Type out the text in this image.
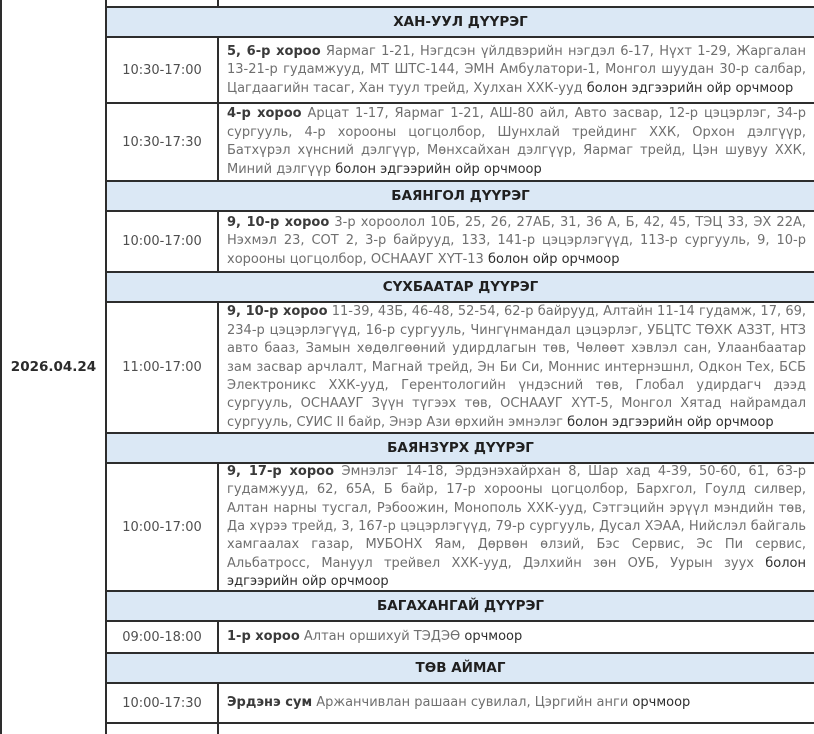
2026.04.24
ХАН-УУЛ ДҮҮРЭГ
10:30-17:00
5, 6-р хороо Яармаг 1-21, Нэгдсэн үйлдвэрийн нэгдэл 6-17, Нүхт 1-29, Жаргалан 13-21-р гудамжууд, МТ ШТС-144, ЭМН Амбулатори-1, Монгол шуудан 30-р салбар, Цагдаагийн тасаг, Хан туул трейд, Хулхан ХХК-ууд болон эдгээрийн ойр орчмоор
10:30-17:30
4-р хороо Арцат 1-17, Яармаг 1-21, АШ-80 айл, Авто засвар, 12-р цэцэрлэг, 34-р сургууль, 4-р хорооны цогцолбор, Шунхлай трейдинг ХХК, Орхон дэлгүүр, Батхүрэл хүнсний дэлгүүр, Мөнхсайхан дэлгүүр, Яармаг трейд, Цэн шувуу ХХК, Миний дэлгүүр болон эдгээрийн ойр орчмоор
БАЯНГОЛ ДҮҮРЭГ
10:00-17:00
9, 10-р хороо 3-р хороолол 10Б, 25, 26, 27АБ, 31, 36 А, Б, 42, 45, ТЭЦ 33, ЭХ 22А, Нэхмэл 23, СОТ 2, 3-р байрууд, 133, 141-р цэцэрлэгүүд, 113-р сургууль, 9, 10-р хорооны цогцолбор, ОСНААУГ ХҮТ-13 болон ойр орчмоор
СҮХБААТАР ДҮҮРЭГ
11:00-17:00
9, 10-р хороо 11-39, 43Б, 46-48, 52-54, 62-р байрууд, Алтайн 11-14 гудамж, 17, 69, 234-р цэцэрлэгүүд, 16-р сургууль, Чингүнмандал цэцэрлэг, УБЦТС ТӨХК АЗЗТ, НТЗ авто бааз, Замын хөдөлгөөний удирдлагын төв, Чөлөөт хэвлэл сан, Улаанбаатар зам засвар арчлалт, Магнай трейд, Эн Би Си, Моннис интернэшнл, Одкон Тех, БСБ Электроникс ХХК-ууд, Герентологийн үндэсний төв, Глобал удирдагч дээд сургууль, ОСНААУГ Зүүн түгээх төв, ОСНААУГ ХҮТ-5, Монгол Хятад найрамдал сургууль, СУИС II байр, Энэр Ази өрхийн эмнэлэг болон эдгээрийн ойр орчмоор
БАЯНЗҮРХ ДҮҮРЭГ
10:00-17:00
9, 17-р хороо Эмнэлэг 14-18, Эрдэнэхайрхан 8, Шар хад 4-39, 50-60, 61, 63-р гудамжууд, 62, 65А, Б байр, 17-р хорооны цогцолбор, Бархгол, Гоулд силвер, Алтан нарны тусгал, Рэбоожин, Монополь ХХК-ууд, Сэтгэцийн эрүүл мэндийн төв, Да хүрээ трейд, 3, 167-р цэцэрлэгүүд, 79-р сургууль, Дусал ХЭАА, Нийслэл байгаль хамгаалах газар, МУБОНХ Яам, Дөрвөн өлзий, Бэс Сервис, Эс Пи сервис, Альбатросс, Мануул трейвел ХХК-ууд, Дэлхийн зөн ОУБ, Уурын зуух болон эдгээрийн ойр орчмоор
БАГАХАНГАЙ ДҮҮРЭГ
09:00-18:00	1-р хороо Алтан оршихуй ТЭДЭӨ орчмоор
ТӨВ АЙМАГ
10:00-17:30	Эрдэнэ сум Аржанчивлан рашаан сувилал, Цэргийн анги орчмоор
